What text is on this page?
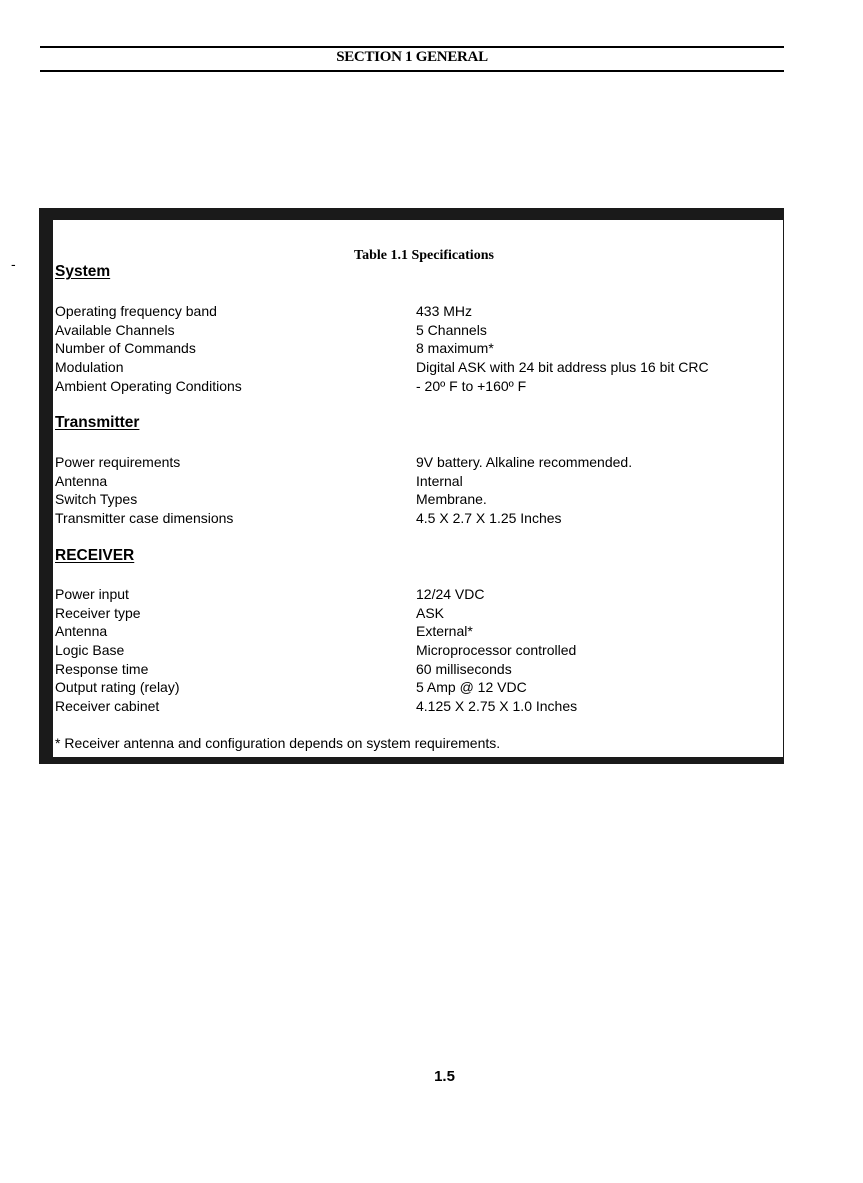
SECTION 1 GENERAL
-
Table 1.1 Specifications
System
Operating frequency band	433 MHz
Available Channels	5 Channels
Number of Commands	8 maximum*
Modulation	Digital ASK with 24 bit address plus 16 bit CRC
Ambient Operating Conditions	- 20º F to +160º F
Transmitter
Power requirements	9V battery. Alkaline recommended.
Antenna	Internal
Switch Types	Membrane.
Transmitter case dimensions	4.5 X 2.7 X 1.25 Inches
RECEIVER
Power input	12/24 VDC
Receiver type	ASK
Antenna	External*
Logic Base	Microprocessor controlled
Response time	60 milliseconds
Output rating (relay)	5 Amp @ 12 VDC
Receiver cabinet	4.125 X 2.75 X 1.0 Inches
* Receiver antenna and configuration depends on system requirements.
1.5
